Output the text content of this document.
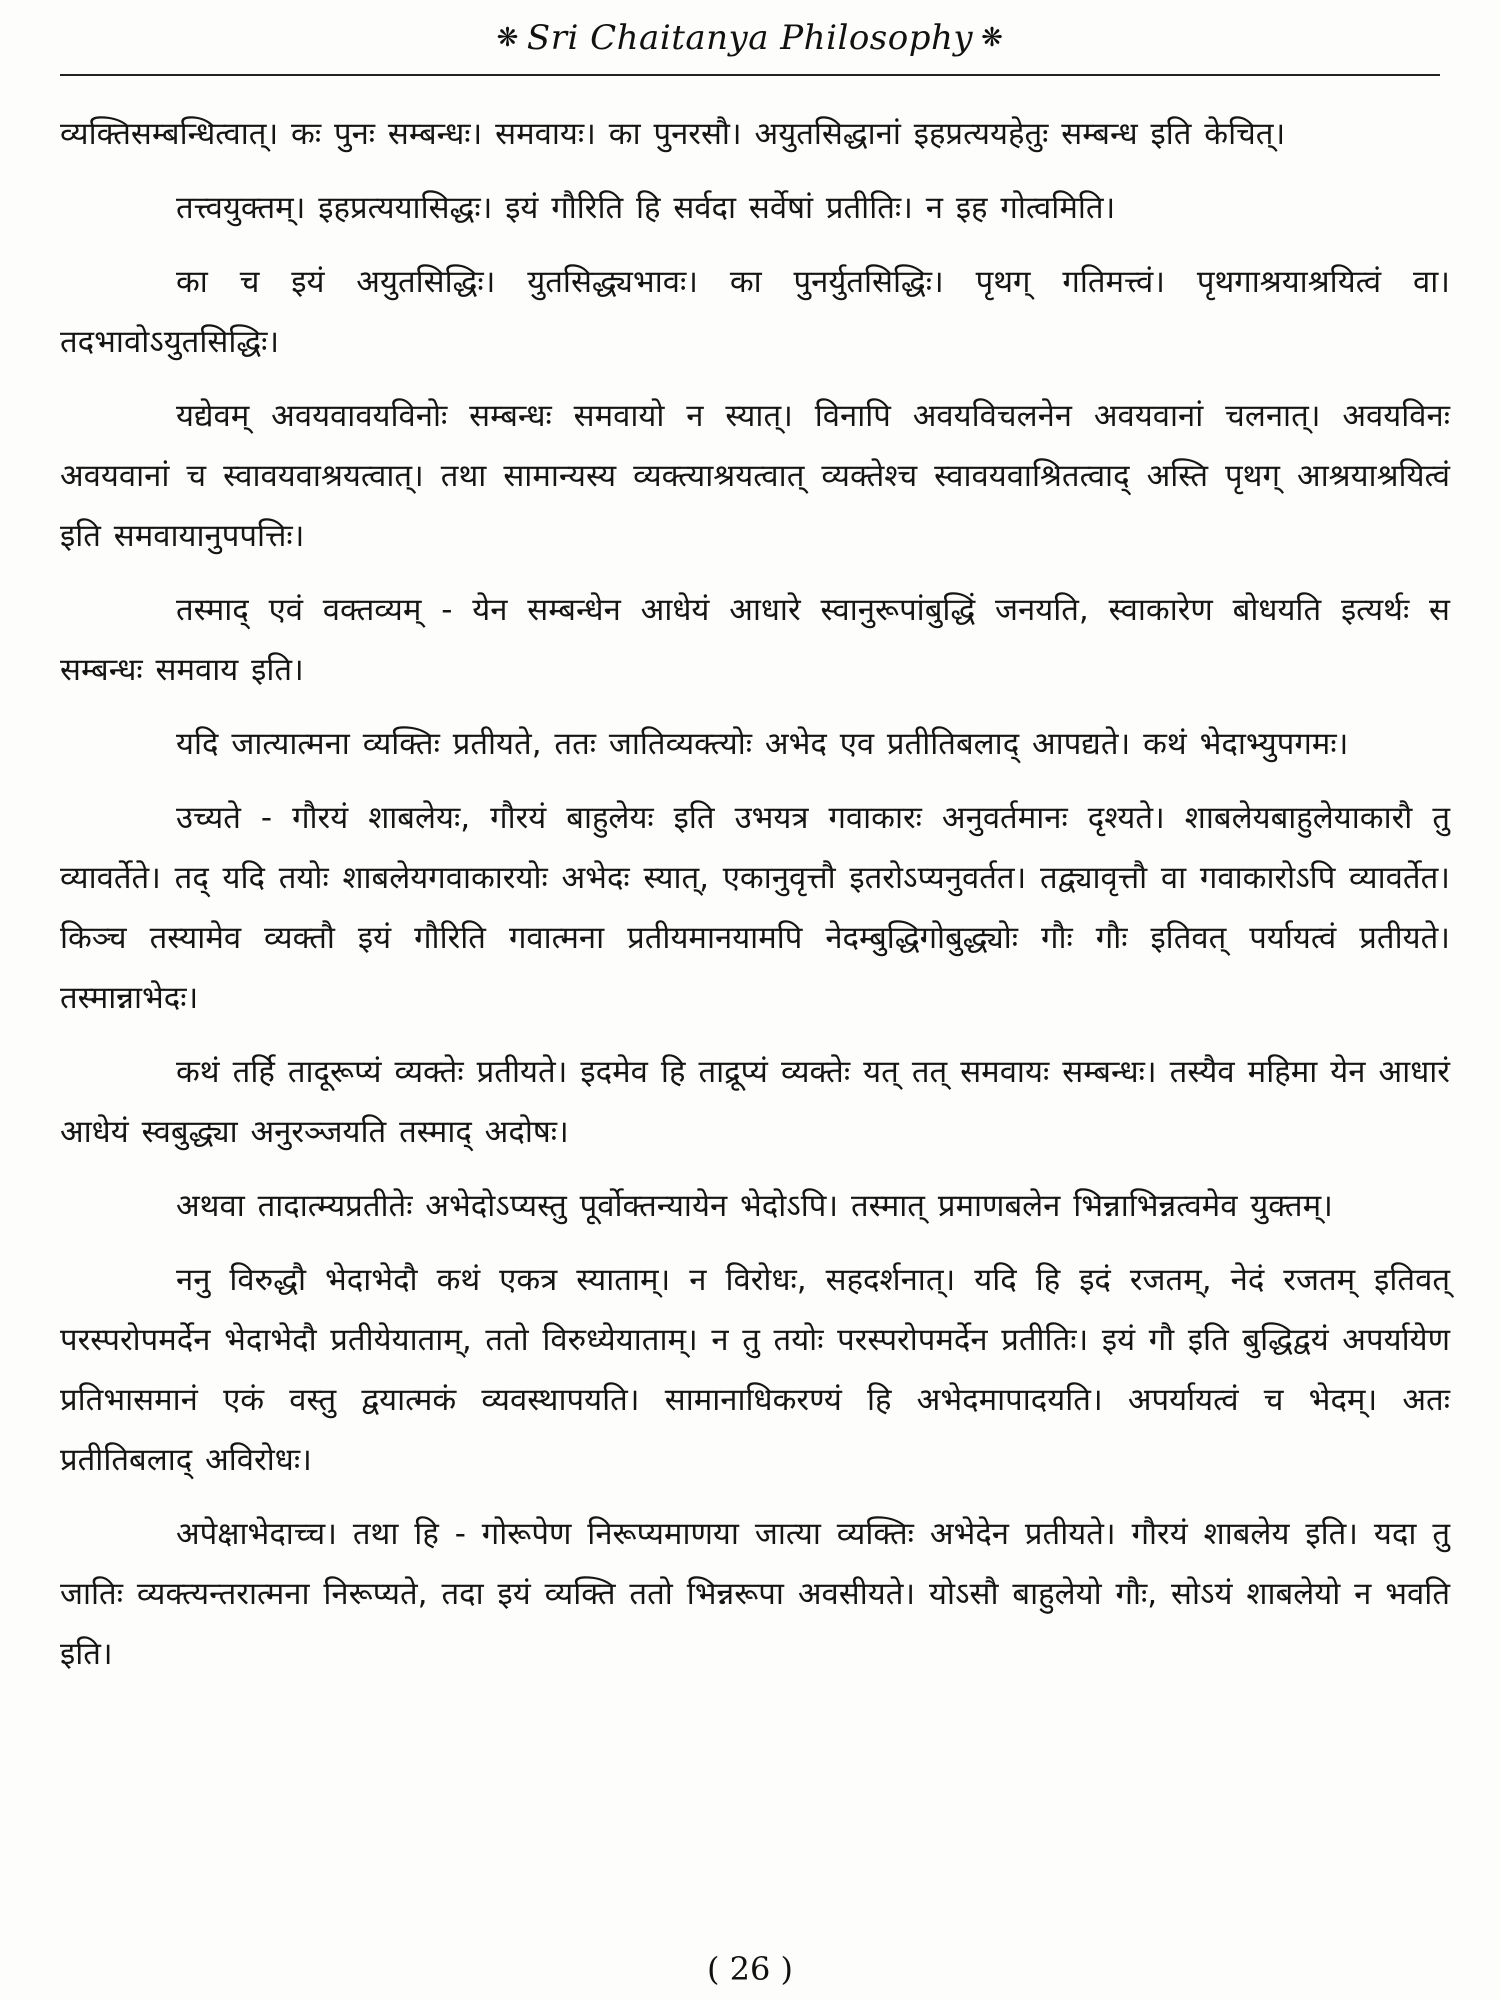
❋ Sri Chaitanya Philosophy ❋

व्यक्तिसम्बन्धित्वात्। कः पुनः सम्बन्धः। समवायः। का पुनरसौ। अयुतसिद्धानां इहप्रत्ययहेतुः सम्बन्ध इति केचित्।

तत्त्वयुक्तम्। इहप्रत्ययासिद्धः। इयं गौरिति हि सर्वदा सर्वेषां प्रतीतिः। न इह गोत्वमिति।

का च इयं अयुतसिद्धिः। युतसिद्ध्यभावः। का पुनर्युतसिद्धिः। पृथग् गतिमत्त्वं। पृथगाश्रयाश्रयित्वं वा। तदभावोऽयुतसिद्धिः।

यद्येवम् अवयवावयविनोः सम्बन्धः समवायो न स्यात्। विनापि अवयविचलनेन अवयवानां चलनात्। अवयविनः अवयवानां च स्वावयवाश्रयत्वात्। तथा सामान्यस्य व्यक्त्याश्रयत्वात् व्यक्तेश्च स्वावयवाश्रितत्वाद् अस्ति पृथग् आश्रयाश्रयित्वं इति समवायानुपपत्तिः।

तस्माद् एवं वक्तव्यम् - येन सम्बन्धेन आधेयं आधारे स्वानुरूपांबुद्धिं जनयति, स्वाकारेण बोधयति इत्यर्थः स सम्बन्धः समवाय इति।

यदि जात्यात्मना व्यक्तिः प्रतीयते, ततः जातिव्यक्त्योः अभेद एव प्रतीतिबलाद् आपद्यते। कथं भेदाभ्युपगमः।

उच्यते - गौरयं शाबलेयः, गौरयं बाहुलेयः इति उभयत्र गवाकारः अनुवर्तमानः दृश्यते। शाबलेयबाहुलेयाकारौ तु व्यावर्तेते। तद् यदि तयोः शाबलेयगवाकारयोः अभेदः स्यात्, एकानुवृत्तौ इतरोऽप्यनुवर्तत। तद्व्यावृत्तौ वा गवाकारोऽपि व्यावर्तेत। किञ्च तस्यामेव व्यक्तौ इयं गौरिति गवात्मना प्रतीयमानयामपि नेदम्बुद्धिगोबुद्ध्योः गौः गौः इतिवत् पर्यायत्वं प्रतीयते। तस्मान्नाभेदः।

कथं तर्हि तादूरूप्यं व्यक्तेः प्रतीयते। इदमेव हि ताद्रूप्यं व्यक्तेः यत् तत् समवायः सम्बन्धः। तस्यैव महिमा येन आधारं आधेयं स्वबुद्ध्या अनुरञ्जयति तस्माद् अदोषः।

अथवा तादात्म्यप्रतीतेः अभेदोऽप्यस्तु पूर्वोक्तन्यायेन भेदोऽपि। तस्मात् प्रमाणबलेन भिन्नाभिन्नत्वमेव युक्तम्।

ननु विरुद्धौ भेदाभेदौ कथं एकत्र स्याताम्। न विरोधः, सहदर्शनात्। यदि हि इदं रजतम्, नेदं रजतम् इतिवत् परस्परोपमर्देन भेदाभेदौ प्रतीयेयाताम्, ततो विरुध्येयाताम्। न तु तयोः परस्परोपमर्देन प्रतीतिः। इयं गौ इति बुद्धिद्वयं अपर्यायेण प्रतिभासमानं एकं वस्तु द्वयात्मकं व्यवस्थापयति। सामानाधिकरण्यं हि अभेदमापादयति। अपर्यायत्वं च भेदम्। अतः प्रतीतिबलाद् अविरोधः।

अपेक्षाभेदाच्च। तथा हि - गोरूपेण निरूप्यमाणया जात्या व्यक्तिः अभेदेन प्रतीयते। गौरयं शाबलेय इति। यदा तु जातिः व्यक्त्यन्तरात्मना निरूप्यते, तदा इयं व्यक्ति ततो भिन्नरूपा अवसीयते। योऽसौ बाहुलेयो गौः, सोऽयं शाबलेयो न भवति इति।

( 26 )
